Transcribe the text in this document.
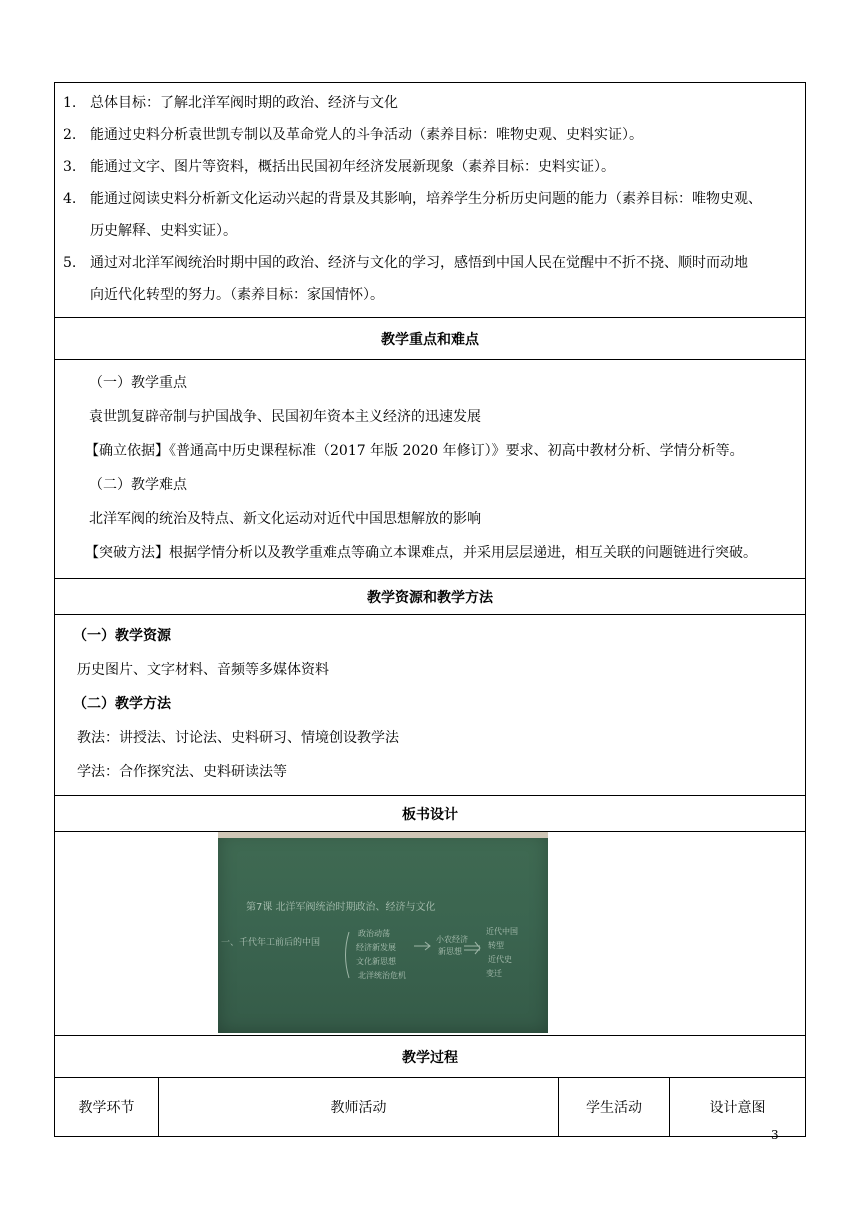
1. 总体目标：了解北洋军阀时期的政治、经济与文化
2. 能通过史料分析袁世凯专制以及革命党人的斗争活动（素养目标：唯物史观、史料实证）。
3. 能通过文字、图片等资料，概括出民国初年经济发展新现象（素养目标：史料实证）。
4. 能通过阅读史料分析新文化运动兴起的背景及其影响，培养学生分析历史问题的能力（素养目标：唯物史观、
历史解释、史料实证）。
5. 通过对北洋军阀统治时期中国的政治、经济与文化的学习，感悟到中国人民在觉醒中不折不挠、顺时而动地
向近代化转型的努力。（素养目标：家国情怀）。
教学重点和难点
（一）教学重点
袁世凯复辟帝制与护国战争、民国初年资本主义经济的迅速发展
【确立依据】《普通高中历史课程标准（2017 年版 2020 年修订）》要求、初高中教材分析、学情分析等。
（二）教学难点
北洋军阀的统治及特点、新文化运动对近代中国思想解放的影响
【突破方法】根据学情分析以及教学重难点等确立本课难点，并采用层层递进，相互关联的问题链进行突破。
教学资源和教学方法
（一）教学资源
历史图片、文字材料、音频等多媒体资料
（二）教学方法
教法：讲授法、讨论法、史料研习、情境创设教学法
学法：合作探究法、史料研读法等
板书设计
第7课 北洋军阀统治时期政治、经济与文化
一、千代年工前后的中国
政治动荡
经济新发展
文化新思想
北洋统治危机
小农经济
新思想
近代中国
转型
近代史
变迁
教学过程
教学环节	教师活动	学生活动	设计意图
3
